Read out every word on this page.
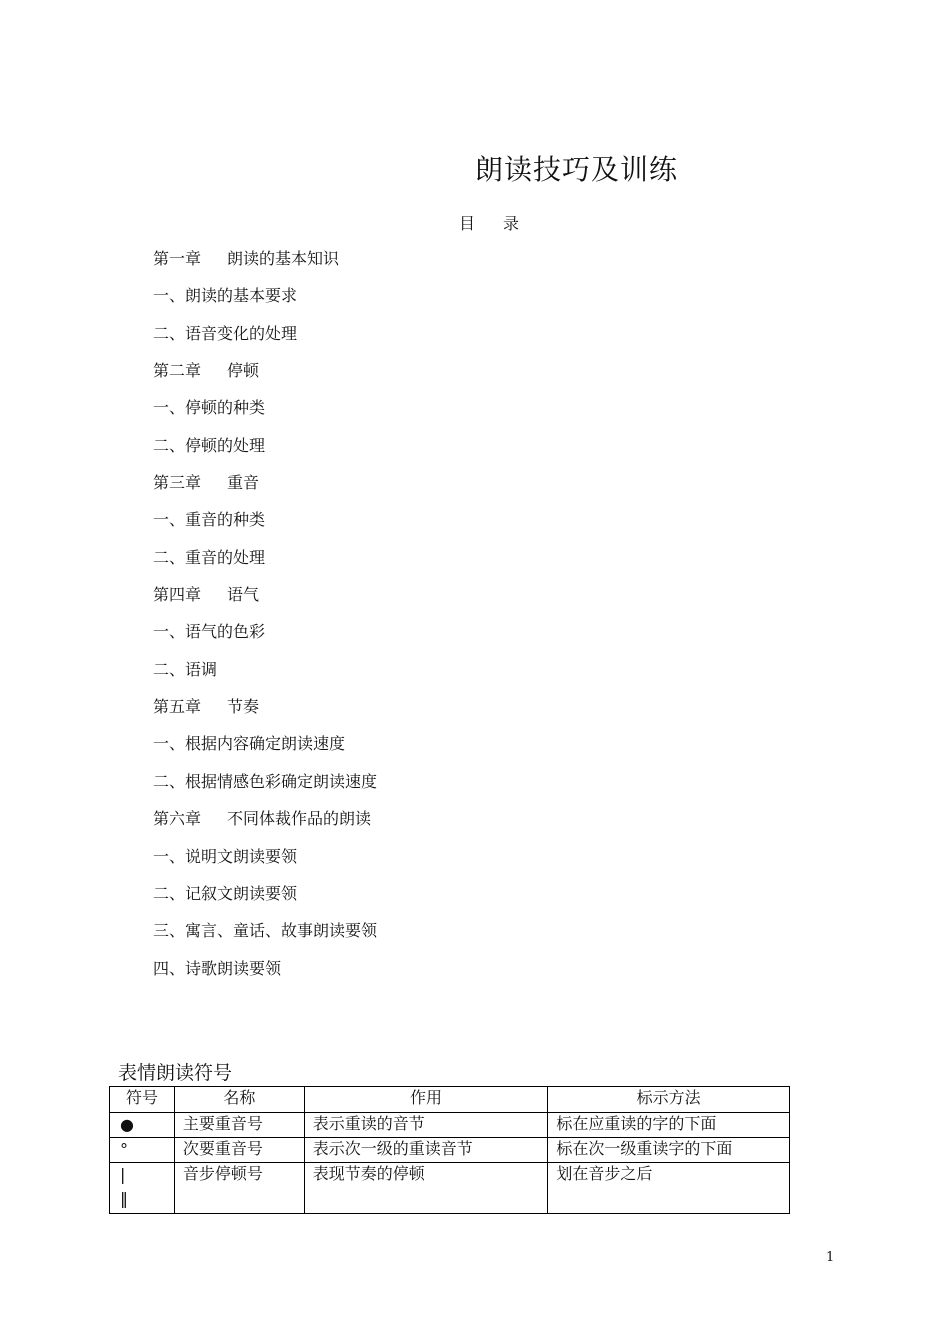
朗读技巧及训练
目 录
第一章 朗读的基本知识
一、朗读的基本要求
二、语音变化的处理
第二章 停顿
一、停顿的种类
二、停顿的处理
第三章 重音
一、重音的种类
二、重音的处理
第四章 语气
一、语气的色彩
二、语调
第五章 节奏
一、根据内容确定朗读速度
二、根据情感色彩确定朗读速度
第六章 不同体裁作品的朗读
一、说明文朗读要领
二、记叙文朗读要领
三、寓言、童话、故事朗读要领
四、诗歌朗读要领
表情朗读符号
符号	名称	作用	标示方法

●	主要重音号	表示重读的音节	标在应重读的字的下面

°	次要重音号	表示次一级的重读音节	标在次一级重读字的下面

|
‖	音步停顿号	表现节奏的停顿	划在音步之后
1
